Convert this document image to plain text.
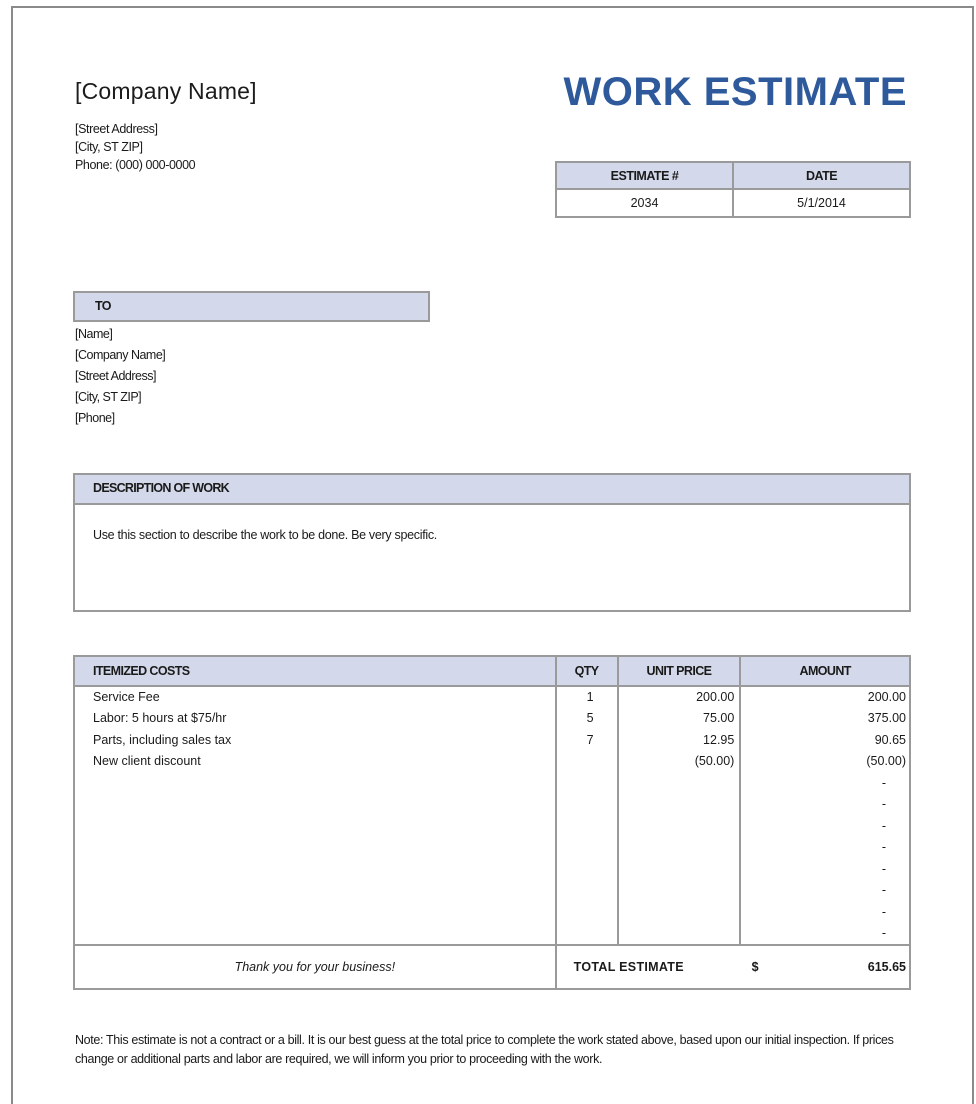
[Company Name]
[Street Address]
[City, ST ZIP]
Phone: (000) 000-0000
WORK ESTIMATE
ESTIMATE #	DATE
2034	5/1/2014
TO
[Name]
[Company Name]
[Street Address]
[City, ST ZIP]
[Phone]
DESCRIPTION OF WORK
Use this section to describe the work to be done. Be very specific.
ITEMIZED COSTS	QTY	UNIT PRICE	AMOUNT
Service Fee	1	200.00	200.00
Labor: 5 hours at $75/hr	5	75.00	375.00
Parts, including sales tax	7	12.95	90.65
New client discount		(50.00)	(50.00)
			-
			-
			-
			-
			-
			-
			-
			-
Thank you for your business!	TOTAL ESTIMATE $ 615.65		
Note: This estimate is not a contract or a bill. It is our best guess at the total price to complete the work stated above, based upon our initial inspection. If prices change or additional parts and labor are required, we will inform you prior to proceeding with the work.
